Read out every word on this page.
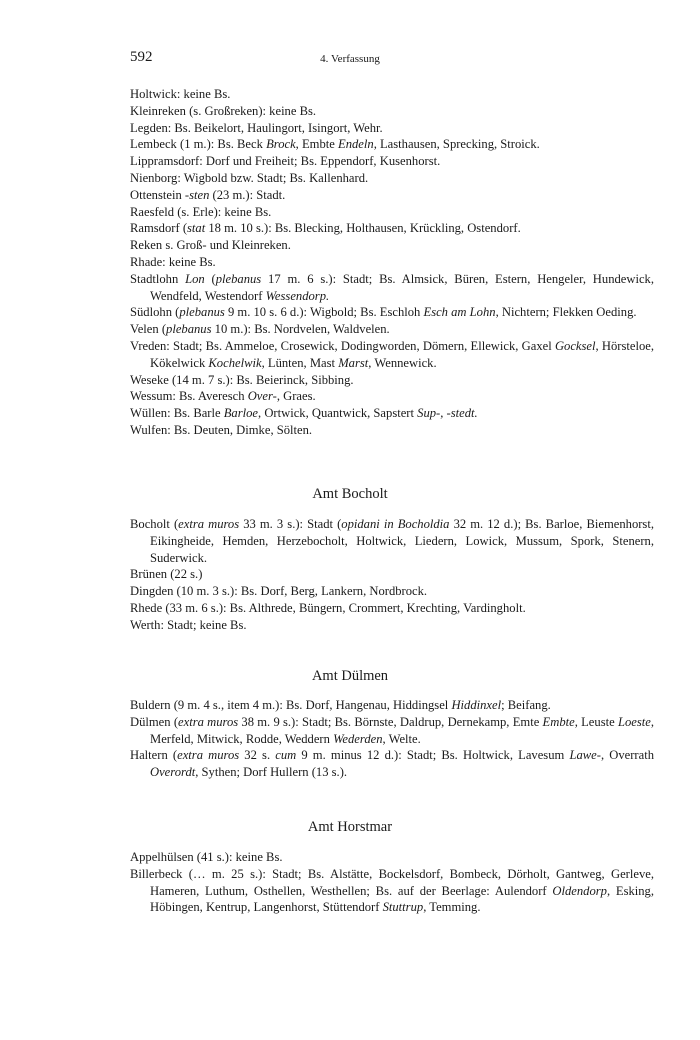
592	4. Verfassung

Holtwick: keine Bs.

Kleinreken (s. Großreken): keine Bs.

Legden: Bs. Beikelort, Haulingort, Isingort, Wehr.

Lembeck (1 m.): Bs. Beck Brock, Embte Endeln, Lasthausen, Sprecking, Stroick.

Lippramsdorf: Dorf und Freiheit; Bs. Eppendorf, Kusenhorst.

Nienborg: Wigbold bzw. Stadt; Bs. Kallenhard.

Ottenstein -sten (23 m.): Stadt.

Raesfeld (s. Erle): keine Bs.

Ramsdorf (stat 18 m. 10 s.): Bs. Blecking, Holthausen, Krückling, Ostendorf.

Reken s. Groß- und Kleinreken.

Rhade: keine Bs.

Stadtlohn Lon (plebanus 17 m. 6 s.): Stadt; Bs. Almsick, Büren, Estern, Hengeler, Hundewick, Wendfeld, Westendorf Wessendorp.

Südlohn (plebanus 9 m. 10 s. 6 d.): Wigbold; Bs. Eschloh Esch am Lohn, Nichtern; Flekken Oeding.

Velen (plebanus 10 m.): Bs. Nordvelen, Waldvelen.

Vreden: Stadt; Bs. Ammeloe, Crosewick, Dodingworden, Dömern, Ellewick, Gaxel Gocksel, Hörsteloe, Kökelwick Kochelwik, Lünten, Mast Marst, Wennewick.

Weseke (14 m. 7 s.): Bs. Beierinck, Sibbing.

Wessum: Bs. Averesch Over-, Graes.

Wüllen: Bs. Barle Barloe, Ortwick, Quantwick, Sapstert Sup-, -stedt.

Wulfen: Bs. Deuten, Dimke, Sölten.

Amt Bocholt

Bocholt (extra muros 33 m. 3 s.): Stadt (opidani in Bocholdia 32 m. 12 d.); Bs. Barloe, Biemenhorst, Eikingheide, Hemden, Herzebocholt, Holtwick, Liedern, Lowick, Mussum, Spork, Stenern, Suderwick.

Brünen (22 s.)

Dingden (10 m. 3 s.): Bs. Dorf, Berg, Lankern, Nordbrock.

Rhede (33 m. 6 s.): Bs. Althrede, Büngern, Crommert, Krechting, Vardingholt.

Werth: Stadt; keine Bs.

Amt Dülmen

Buldern (9 m. 4 s., item 4 m.): Bs. Dorf, Hangenau, Hiddingsel Hiddinxel; Beifang.

Dülmen (extra muros 38 m. 9 s.): Stadt; Bs. Börnste, Daldrup, Dernekamp, Emte Embte, Leuste Loeste, Merfeld, Mitwick, Rodde, Weddern Wederden, Welte.

Haltern (extra muros 32 s. cum 9 m. minus 12 d.): Stadt; Bs. Holtwick, Lavesum Lawe-, Overrath Overordt, Sythen; Dorf Hullern (13 s.).

Amt Horstmar

Appelhülsen (41 s.): keine Bs.

Billerbeck (… m. 25 s.): Stadt; Bs. Alstätte, Bockelsdorf, Bombeck, Dörholt, Gantweg, Gerleve, Hameren, Luthum, Osthellen, Westhellen; Bs. auf der Beerlage: Aulendorf Oldendorp, Esking, Höbingen, Kentrup, Langenhorst, Stüttendorf Stuttrup, Temming.
